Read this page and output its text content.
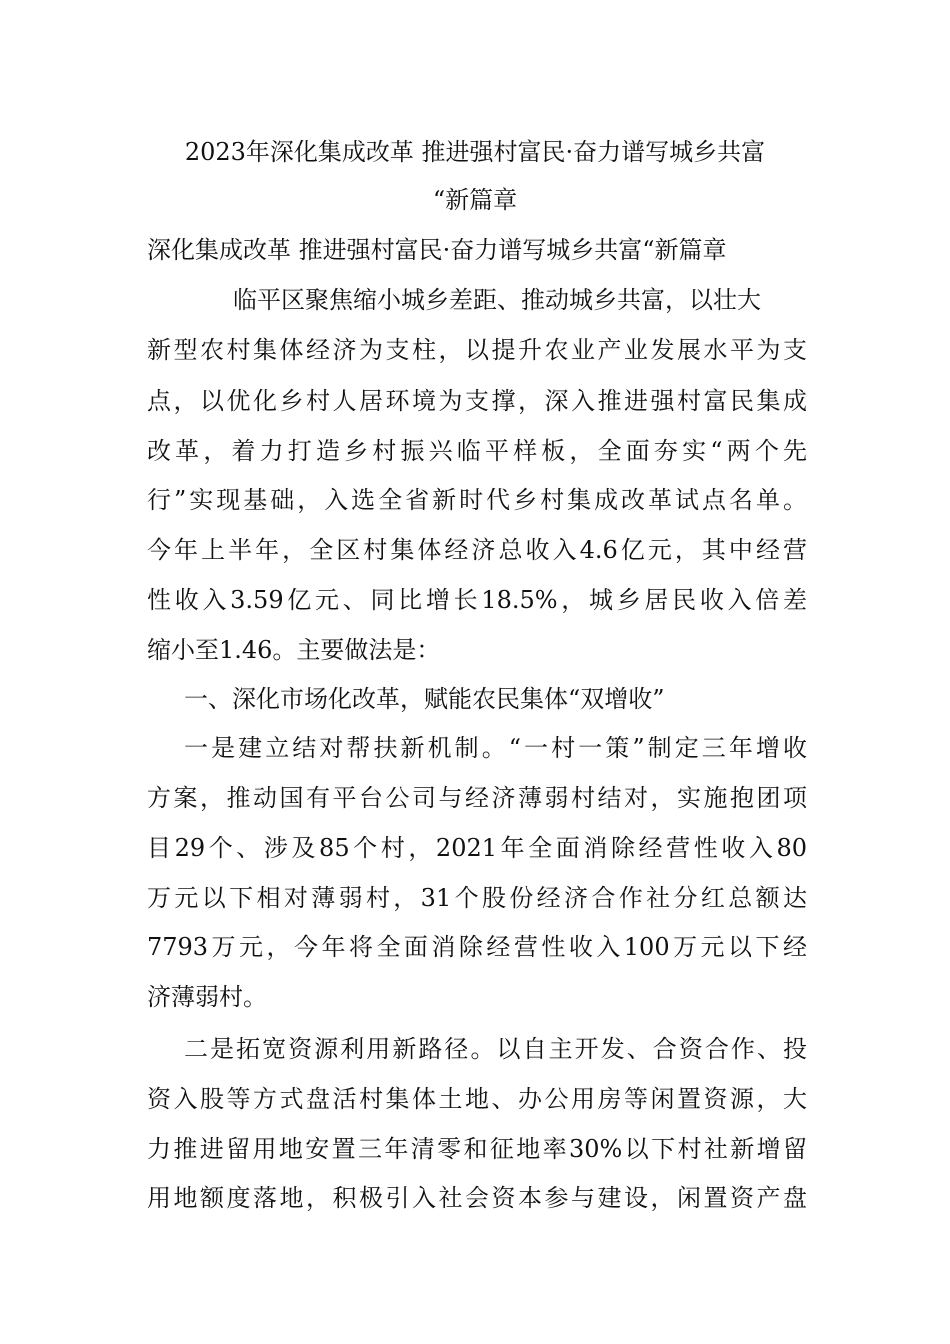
2023年深化集成改革 推进强村富民·奋力谱写城乡共富
“新篇章
深化集成改革 推进强村富民·奋力谱写城乡共富“新篇章
临平区聚焦缩小城乡差距、推动城乡共富，以壮大
新型农村集体经济为支柱，以提升农业产业发展水平为支
点，以优化乡村人居环境为支撑，深入推进强村富民集成
改革，着力打造乡村振兴临平样板，全面夯实“两个先
行”实现基础，入选全省新时代乡村集成改革试点名单。
今年上半年，全区村集体经济总收入4.6亿元，其中经营
性收入3.59亿元、同比增长18.5%，城乡居民收入倍差
缩小至1.46。主要做法是：
一、深化市场化改革，赋能农民集体“双增收”
一是建立结对帮扶新机制。“一村一策”制定三年增收
方案，推动国有平台公司与经济薄弱村结对，实施抱团项
目29个、涉及85个村，2021年全面消除经营性收入80
万元以下相对薄弱村，31个股份经济合作社分红总额达
7793万元，今年将全面消除经营性收入100万元以下经
济薄弱村。
二是拓宽资源利用新路径。以自主开发、合资合作、投
资入股等方式盘活村集体土地、办公用房等闲置资源，大
力推进留用地安置三年清零和征地率30%以下村社新增留
用地额度落地，积极引入社会资本参与建设，闲置资产盘
